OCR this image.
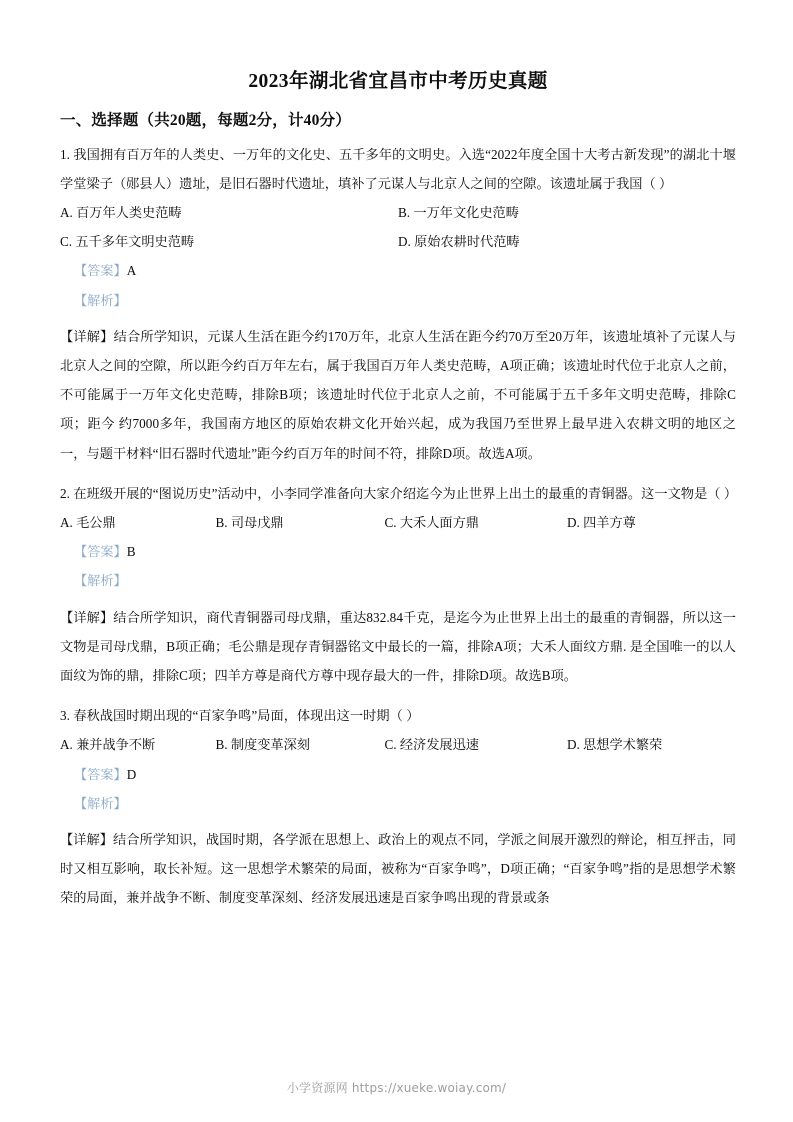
2023年湖北省宜昌市中考历史真题
一、选择题（共20题，每题2分，计40分）

1. 我国拥有百万年的人类史、一万年的文化史、五千多年的文明史。入选“2022年度全国十大考古新发现”的湖北十堰学堂梁子（郧县人）遗址，是旧石器时代遗址，填补了元谋人与北京人之间的空隙。该遗址属于我国（ ）

A. 百万年人类史范畴	B. 一万年文化史范畴
C. 五千多年文明史范畴	D. 原始农耕时代范畴

【答案】A

【解析】

【详解】结合所学知识，元谋人生活在距今约170万年，北京人生活在距今约70万至20万年，该遗址填补了元谋人与北京人之间的空隙，所以距今约百万年左右，属于我国百万年人类史范畴，A项正确；该遗址时代位于北京人之前，不可能属于一万年文化史范畴，排除B项；该遗址时代位于北京人之前，不可能属于五千多年文明史范畴，排除C项；距今 约7000多年，我国南方地区的原始农耕文化开始兴起，成为我国乃至世界上最早进入农耕文明的地区之一，与题干材料“旧石器时代遗址”距今约百万年的时间不符，排除D项。故选A项。

2. 在班级开展的“图说历史”活动中，小李同学准备向大家介绍迄今为止世界上出土的最重的青铜器。这一文物是（ ）

A. 毛公鼎	B. 司母戊鼎	C. 大禾人面方鼎	D. 四羊方尊

【答案】B

【解析】

【详解】结合所学知识，商代青铜器司母戊鼎，重达832.84千克，是迄今为止世界上出土的最重的青铜器，所以这一文物是司母戊鼎，B项正确；毛公鼎是现存青铜器铭文中最长的一篇，排除A项；大禾人面纹方鼎. 是全国唯一的以人面纹为饰的鼎，排除C项；四羊方尊是商代方尊中现存最大的一件，排除D项。故选B项。

3. 春秋战国时期出现的“百家争鸣”局面，体现出这一时期（ ）

A. 兼并战争不断	B. 制度变革深刻	C. 经济发展迅速	D. 思想学术繁荣

【答案】D

【解析】

【详解】结合所学知识，战国时期，各学派在思想上、政治上的观点不同，学派之间展开激烈的辩论，相互抨击，同时又相互影响，取长补短。这一思想学术繁荣的局面，被称为“百家争鸣”，D项正确；“百家争鸣”指的是思想学术繁荣的局面，兼并战争不断、制度变革深刻、经济发展迅速是百家争鸣出现的背景或条

小学资源网 https://xueke.woiay.com/
